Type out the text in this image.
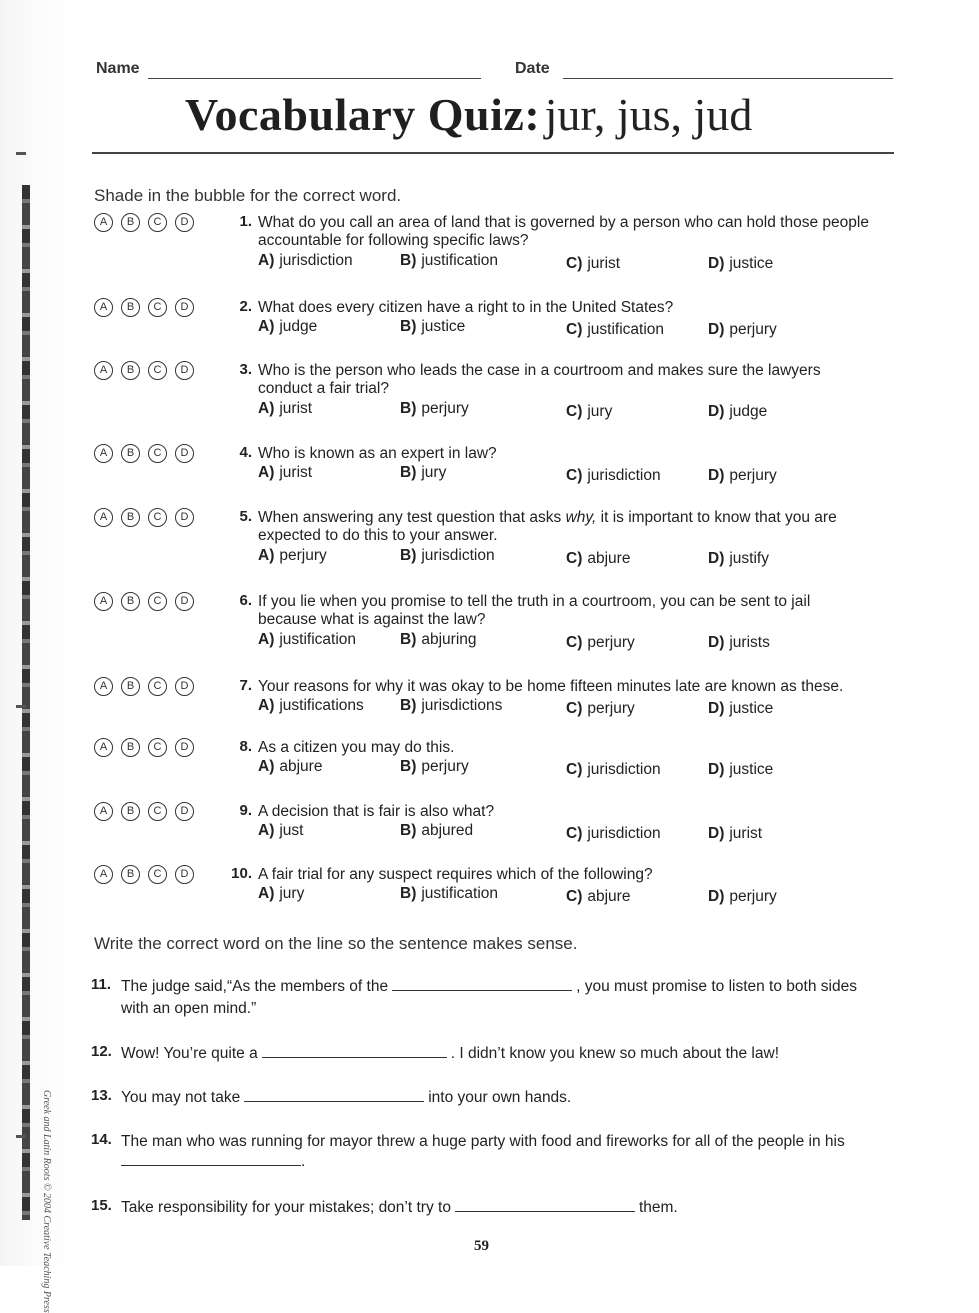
Greek and Latin Roots © 2004 Creative Teaching Press
Name	Date
Vocabulary Quiz: jur, jus, jud
Shade in the bubble for the correct word.
A	B	C	D	1. What do you call an area of land that is governed by a person who can hold those people
accountable for following specific laws?
A) jurisdiction	B) justification	C) jurist	D) justice
A	B	C	D	2. What does every citizen have a right to in the United States?
A) judge	B) justice	C) justification	D) perjury
A	B	C	D	3. Who is the person who leads the case in a courtroom and makes sure the lawyers
conduct a fair trial?
A) jurist	B) perjury	C) jury	D) judge
A	B	C	D	4. Who is known as an expert in law?
A) jurist	B) jury	C) jurisdiction	D) perjury
A	B	C	D	5. When answering any test question that asks why, it is important to know that you are
expected to do this to your answer.
A) perjury	B) jurisdiction	C) abjure	D) justify
A	B	C	D	6. If you lie when you promise to tell the truth in a courtroom, you can be sent to jail
because what is against the law?
A) justification	B) abjuring	C) perjury	D) jurists
A	B	C	D	7. Your reasons for why it was okay to be home fifteen minutes late are known as these.
A) justifications B) jurisdictions	C) perjury	D) justice
A	B	C	D	8. As a citizen you may do this.
A) abjure	B) perjury	C) jurisdiction	D) justice
A	B	C	D	9. A decision that is fair is also what?
A) just	B) abjured	C) jurisdiction	D) jurist
A	B	C	D	10. A fair trial for any suspect requires which of the following?
A) jury	B) justification	C) abjure	D) perjury
Write the correct word on the line so the sentence makes sense.
11. The judge said,“As the members of the	, you must promise to listen to both sides
with an open mind.”
12. Wow! You’re quite a	. I didn’t know you knew so much about the law!
13. You may not take	into your own hands.
14. The man who was running for mayor threw a huge party with food and fireworks for all of the people in his
.
15. Take responsibility for your mistakes; don’t try to	them.
59
